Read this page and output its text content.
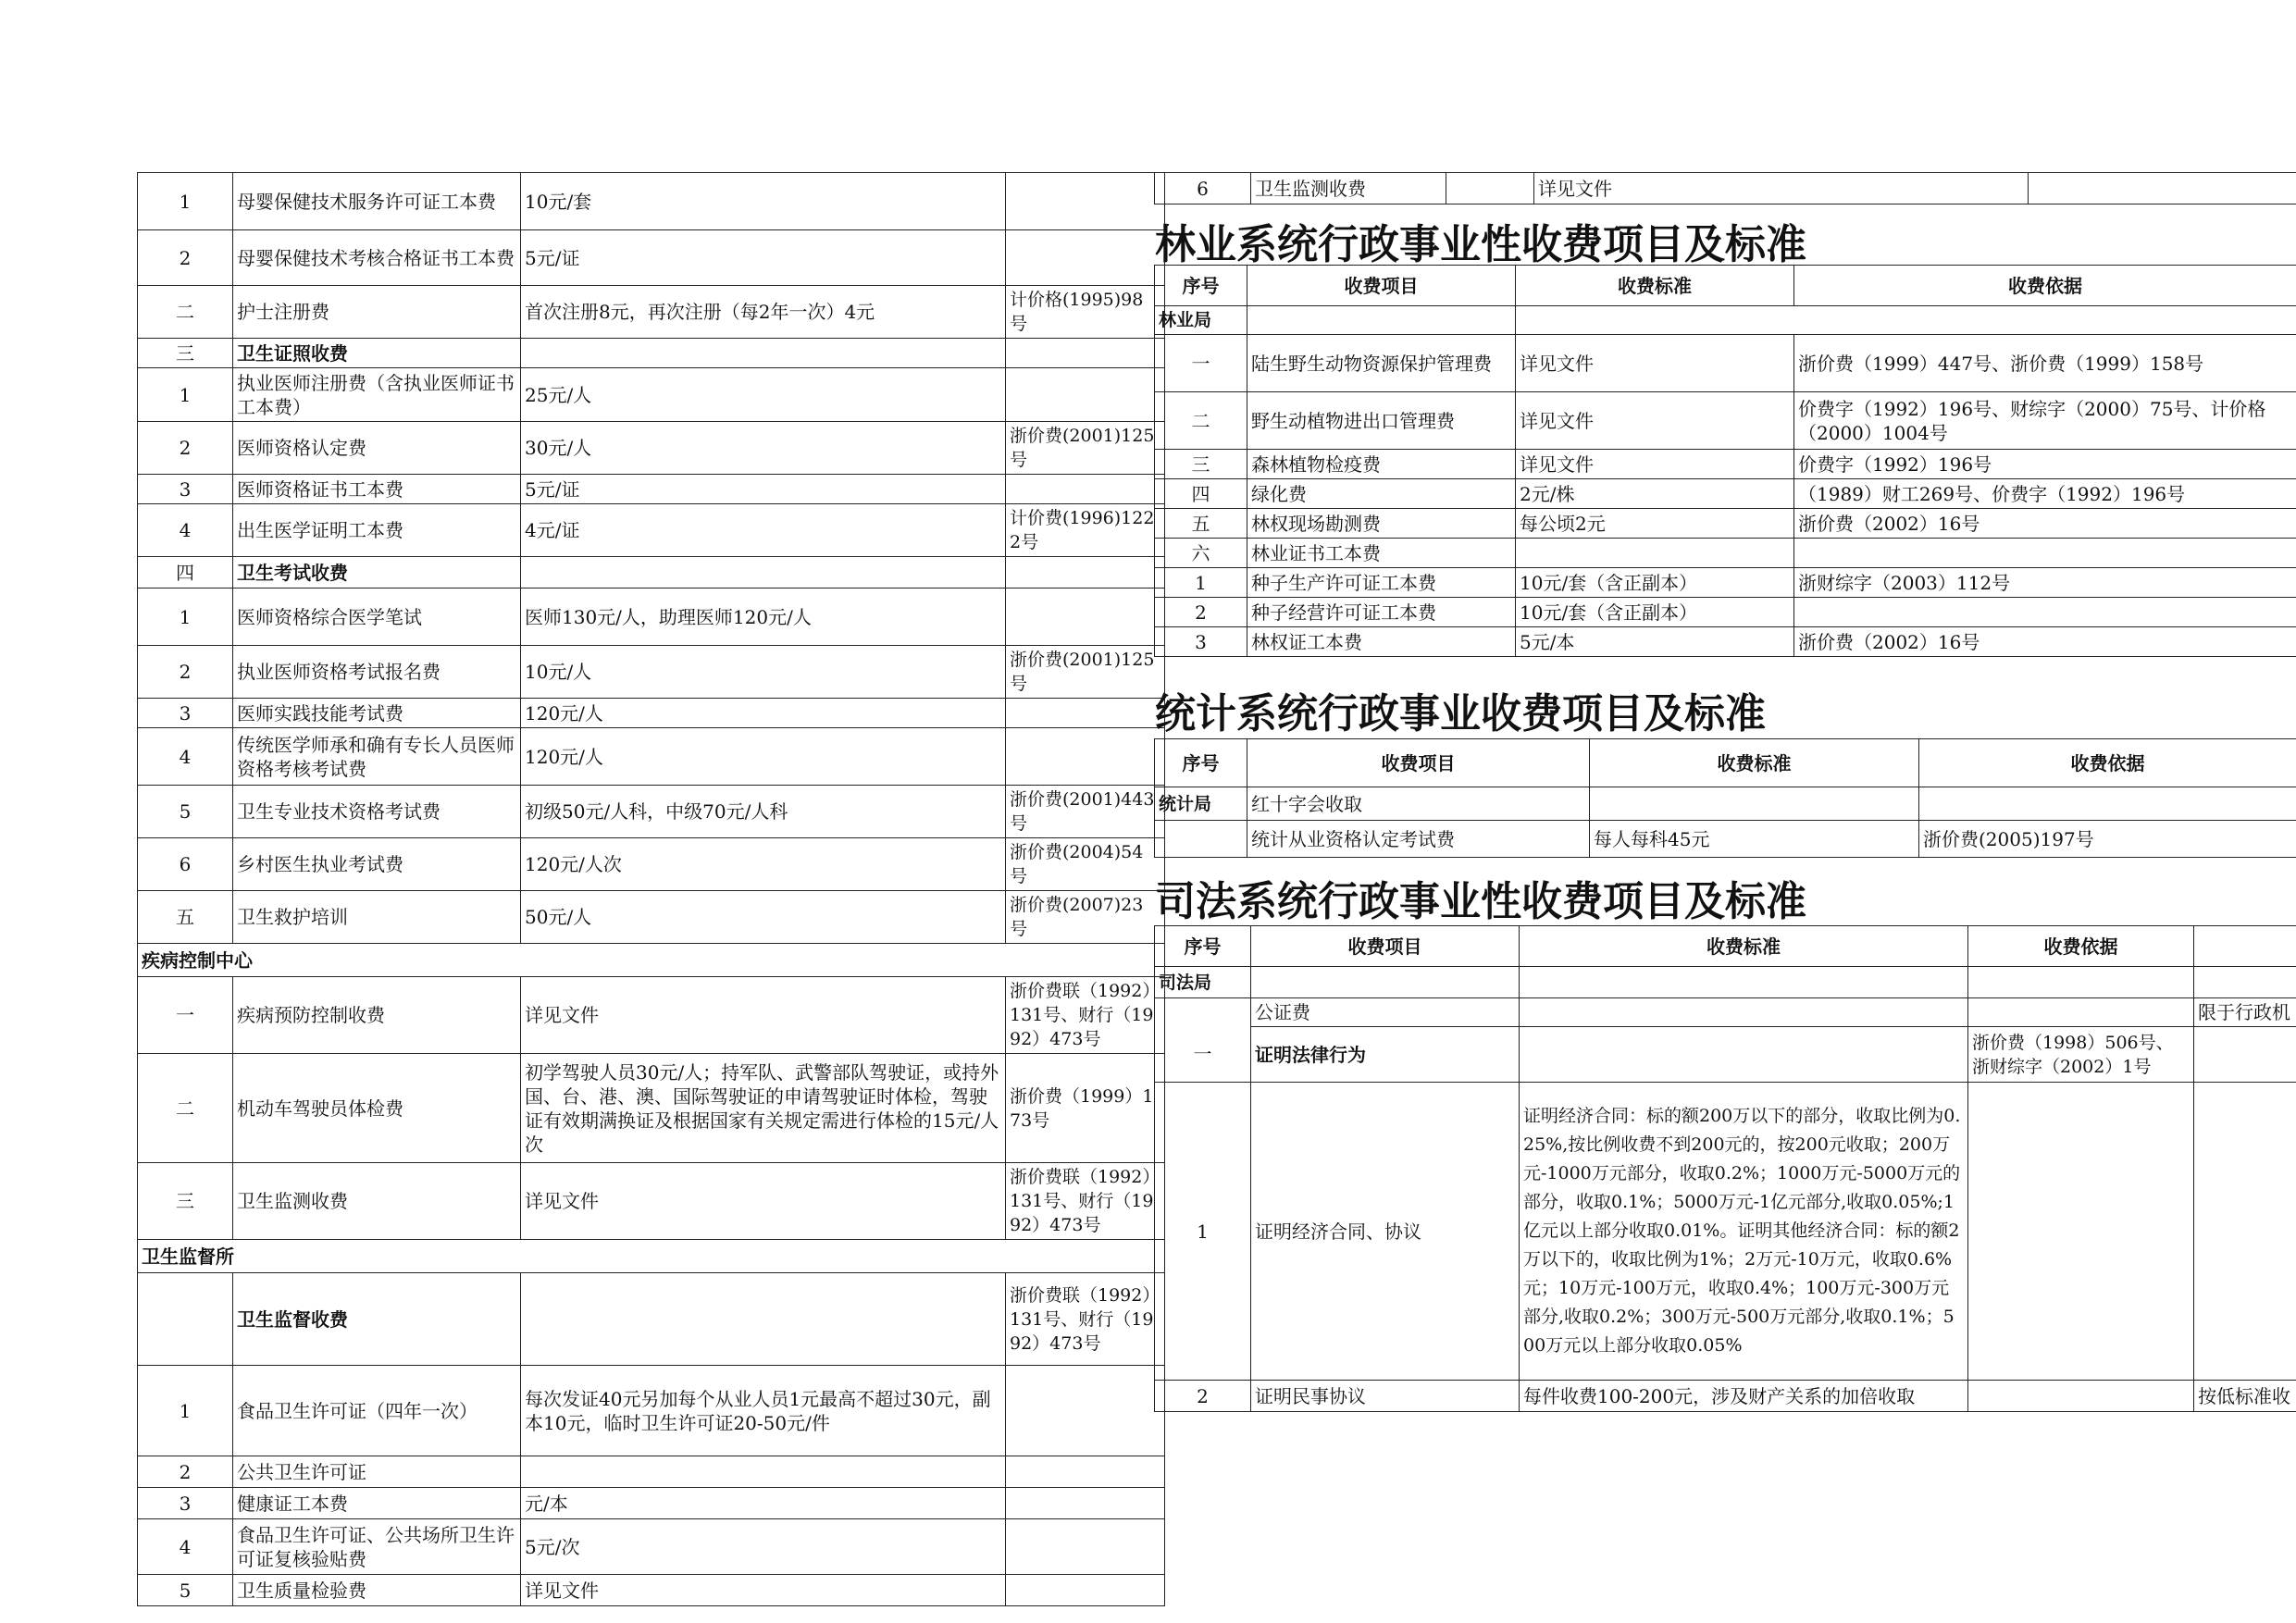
1	母婴保健技术服务许可证工本费	10元/套	
2	母婴保健技术考核合格证书工本费	5元/证	
二	护士注册费	首次注册8元，再次注册（每2年一次）4元	计价格(1995)98号
三	卫生证照收费		
1	执业医师注册费（含执业医师证书工本费）	25元/人	
2	医师资格认定费	30元/人	浙价费(2001)125号
3	医师资格证书工本费	5元/证	
4	出生医学证明工本费	4元/证	计价费(1996)1222号
四	卫生考试收费		
1	医师资格综合医学笔试	医师130元/人，助理医师120元/人	
2	执业医师资格考试报名费	10元/人	浙价费(2001)125号
3	医师实践技能考试费	120元/人	
4	传统医学师承和确有专长人员医师资格考核考试费	120元/人	
5	卫生专业技术资格考试费	初级50元/人科，中级70元/人科	浙价费(2001)443号
6	乡村医生执业考试费	120元/人次	浙价费(2004)54号
五	卫生救护培训	50元/人	浙价费(2007)23号
疾病控制中心			
一	疾病预防控制收费	详见文件	浙价费联（1992）131号、财行（1992）473号
二	机动车驾驶员体检费	初学驾驶人员30元/人；持军队、武警部队驾驶证，或持外国、台、港、澳、国际驾驶证的申请驾驶证时体检，驾驶证有效期满换证及根据国家有关规定需进行体检的15元/人次	浙价费（1999）173号
三	卫生监测收费	详见文件	浙价费联（1992）131号、财行（1992）473号
卫生监督所			
	卫生监督收费		浙价费联（1992）131号、财行（1992）473号
1	食品卫生许可证（四年一次）	每次发证40元另加每个从业人员1元最高不超过30元，副本10元，临时卫生许可证20-50元/件	
2	公共卫生许可证		
3	健康证工本费	元/本	
4	食品卫生许可证、公共场所卫生许可证复核验贴费	5元/次	
5	卫生质量检验费	详见文件	
6	卫生监测收费		详见文件	
林业系统行政事业性收费项目及标准
序号	收费项目	收费标准	收费依据
林业局			
一	陆生野生动物资源保护管理费	详见文件	浙价费（1999）447号、浙价费（1999）158号
二	野生动植物进出口管理费	详见文件	价费字（1992）196号、财综字（2000）75号、计价格（2000）1004号
三	森林植物检疫费	详见文件	价费字（1992）196号
四	绿化费	2元/株	（1989）财工269号、价费字（1992）196号
五	林权现场勘测费	每公顷2元	浙价费（2002）16号
六	林业证书工本费		
1	种子生产许可证工本费	10元/套（含正副本）	浙财综字（2003）112号
2	种子经营许可证工本费	10元/套（含正副本）	
3	林权证工本费	5元/本	浙价费（2002）16号
统计系统行政事业收费项目及标准
序号	收费项目	收费标准	收费依据
统计局	红十字会收取		
	统计从业资格认定考试费	每人每科45元	浙价费(2005)197号
司法系统行政事业性收费项目及标准
序号	收费项目	收费标准	收费依据	
司法局				
	公证费			限于行政机
一	证明法律行为		浙价费（1998）506号、浙财综字（2002）1号	
1	证明经济合同、协议	证明经济合同：标的额200万以下的部分，收取比例为0.25%,按比例收费不到200元的，按200元收取；200万元-1000万元部分，收取0.2%；1000万元-5000万元的部分，收取0.1%；5000万元-1亿元部分,收取0.05%;1亿元以上部分收取0.01%。证明其他经济合同：标的额2万以下的，收取比例为1%；2万元-10万元，收取0.6%元；10万元-100万元，收取0.4%；100万元-300万元部分,收取0.2%；300万元-500万元部分,收取0.1%；500万元以上部分收取0.05%		
2	证明民事协议	每件收费100-200元，涉及财产关系的加倍收取		按低标准收
